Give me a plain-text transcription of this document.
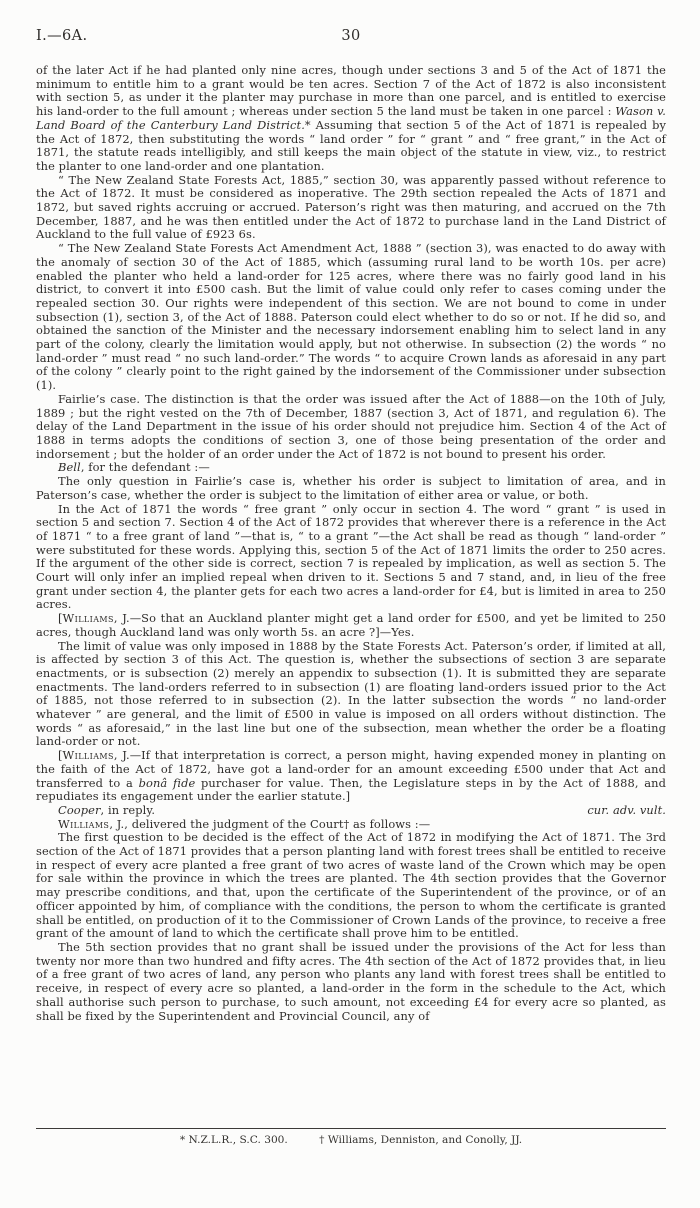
I.—6A.	30

of the later Act if he had planted only nine acres, though under sections 3 and 5 of the Act of 1871 the minimum to entitle him to a grant would be ten acres. Section 7 of the Act of 1872 is also inconsistent with section 5, as under it the planter may purchase in more than one parcel, and is entitled to exercise his land-order to the full amount ; whereas under section 5 the land must be taken in one parcel : Wason v. Land Board of the Canterbury Land District.* Assuming that section 5 of the Act of 1871 is repealed by the Act of 1872, then substituting the words “ land order ” for “ grant ” and “ free grant,” in the Act of 1871, the statute reads intelligibly, and still keeps the main object of the statute in view, viz., to restrict the planter to one land-order and one plantation.

“ The New Zealand State Forests Act, 1885,” section 30, was apparently passed without reference to the Act of 1872. It must be considered as inoperative. The 29th section repealed the Acts of 1871 and 1872, but saved rights accruing or accrued. Paterson’s right was then maturing, and accrued on the 7th December, 1887, and he was then entitled under the Act of 1872 to purchase land in the Land District of Auckland to the full value of £923 6s.

“ The New Zealand State Forests Act Amendment Act, 1888 ” (section 3), was enacted to do away with the anomaly of section 30 of the Act of 1885, which (assuming rural land to be worth 10s. per acre) enabled the planter who held a land-order for 125 acres, where there was no fairly good land in his district, to convert it into £500 cash. But the limit of value could only refer to cases coming under the repealed section 30. Our rights were independent of this section. We are not bound to come in under subsection (1), section 3, of the Act of 1888. Paterson could elect whether to do so or not. If he did so, and obtained the sanction of the Minister and the necessary indorsement enabling him to select land in any part of the colony, clearly the limitation would apply, but not otherwise. In subsection (2) the words “ no land-order ” must read “ no such land-order.” The words “ to acquire Crown lands as aforesaid in any part of the colony ” clearly point to the right gained by the indorsement of the Commissioner under subsection (1).

Fairlie’s case. The distinction is that the order was issued after the Act of 1888—on the 10th of July, 1889 ; but the right vested on the 7th of December, 1887 (section 3, Act of 1871, and regulation 6). The delay of the Land Department in the issue of his order should not prejudice him. Section 4 of the Act of 1888 in terms adopts the conditions of section 3, one of those being presentation of the order and indorsement ; but the holder of an order under the Act of 1872 is not bound to present his order.

Bell, for the defendant :—

The only question in Fairlie’s case is, whether his order is subject to limitation of area, and in Paterson’s case, whether the order is subject to the limitation of either area or value, or both.

In the Act of 1871 the words “ free grant ” only occur in section 4. The word “ grant ” is used in section 5 and section 7. Section 4 of the Act of 1872 provides that wherever there is a reference in the Act of 1871 “ to a free grant of land ”—that is, “ to a grant ”—the Act shall be read as though “ land-order ” were substituted for these words. Applying this, section 5 of the Act of 1871 limits the order to 250 acres. If the argument of the other side is correct, section 7 is repealed by implication, as well as section 5. The Court will only infer an implied repeal when driven to it. Sections 5 and 7 stand, and, in lieu of the free grant under section 4, the planter gets for each two acres a land-order for £4, but is limited in area to 250 acres.

[Williams, J.—So that an Auckland planter might get a land order for £500, and yet be limited to 250 acres, though Auckland land was only worth 5s. an acre ?]—Yes.

The limit of value was only imposed in 1888 by the State Forests Act. Paterson’s order, if limited at all, is affected by section 3 of this Act. The question is, whether the subsections of section 3 are separate enactments, or is subsection (2) merely an appendix to subsection (1). It is submitted they are separate enactments. The land-orders referred to in subsection (1) are floating land-orders issued prior to the Act of 1885, not those referred to in subsection (2). In the latter subsection the words “ no land-order whatever ” are general, and the limit of £500 in value is imposed on all orders without distinction. The words “ as aforesaid,” in the last line but one of the subsection, mean whether the order be a floating land-order or not.

[Williams, J.—If that interpretation is correct, a person might, having expended money in planting on the faith of the Act of 1872, have got a land-order for an amount exceeding £500 under that Act and transferred to a bonâ fide purchaser for value. Then, the Legislature steps in by the Act of 1888, and repudiates its engagement under the earlier statute.]

cur. adv. vult.
Cooper, in reply.

Williams, J., delivered the judgment of the Court† as follows :—

The first question to be decided is the effect of the Act of 1872 in modifying the Act of 1871. The 3rd section of the Act of 1871 provides that a person planting land with forest trees shall be entitled to receive in respect of every acre planted a free grant of two acres of waste land of the Crown which may be open for sale within the province in which the trees are planted. The 4th section provides that the Governor may prescribe conditions, and that, upon the certificate of the Superintendent of the province, or of an officer appointed by him, of compliance with the conditions, the person to whom the certificate is granted shall be entitled, on production of it to the Commissioner of Crown Lands of the province, to receive a free grant of the amount of land to which the certificate shall prove him to be entitled.

The 5th section provides that no grant shall be issued under the provisions of the Act for less than twenty nor more than two hundred and fifty acres. The 4th section of the Act of 1872 provides that, in lieu of a free grant of two acres of land, any person who plants any land with forest trees shall be entitled to receive, in respect of every acre so planted, a land-order in the form in the schedule to the Act, which shall authorise such person to purchase, to such amount, not exceeding £4 for every acre so planted, as shall be fixed by the Superintendent and Provincial Council, any of

* N.Z.L.R., S.C. 300.	† Williams, Denniston, and Conolly, JJ.
